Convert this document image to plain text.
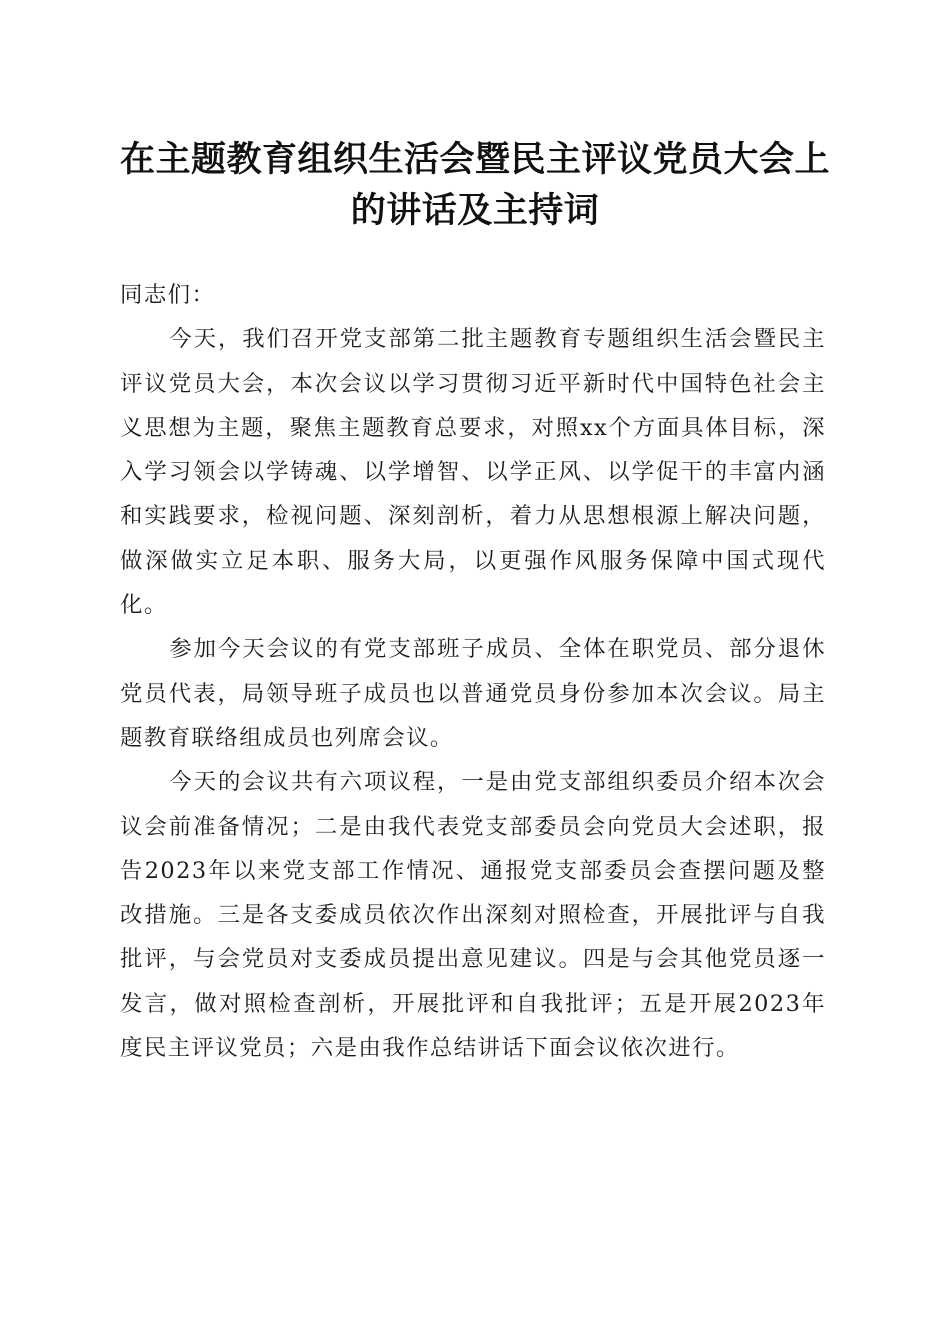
在主题教育组织生活会暨民主评议党员大会上
的讲话及主持词

同志们：

今天，我们召开党支部第二批主题教育专题组织生活会暨民主评议党员大会，本次会议以学习贯彻习近平新时代中国特色社会主义思想为主题，聚焦主题教育总要求，对照xx个方面具体目标，深入学习领会以学铸魂、以学增智、以学正风、以学促干的丰富内涵和实践要求，检视问题、深刻剖析，着力从思想根源上解决问题，做深做实立足本职、服务大局，以更强作风服务保障中国式现代化。

参加今天会议的有党支部班子成员、全体在职党员、部分退休党员代表，局领导班子成员也以普通党员身份参加本次会议。局主题教育联络组成员也列席会议。

今天的会议共有六项议程，一是由党支部组织委员介绍本次会议会前准备情况；二是由我代表党支部委员会向党员大会述职，报告2023年以来党支部工作情况、通报党支部委员会查摆问题及整改措施。三是各支委成员依次作出深刻对照检查，开展批评与自我批评，与会党员对支委成员提出意见建议。四是与会其他党员逐一发言，做对照检查剖析，开展批评和自我批评；五是开展2023年度民主评议党员；六是由我作总结讲话下面会议依次进行。
